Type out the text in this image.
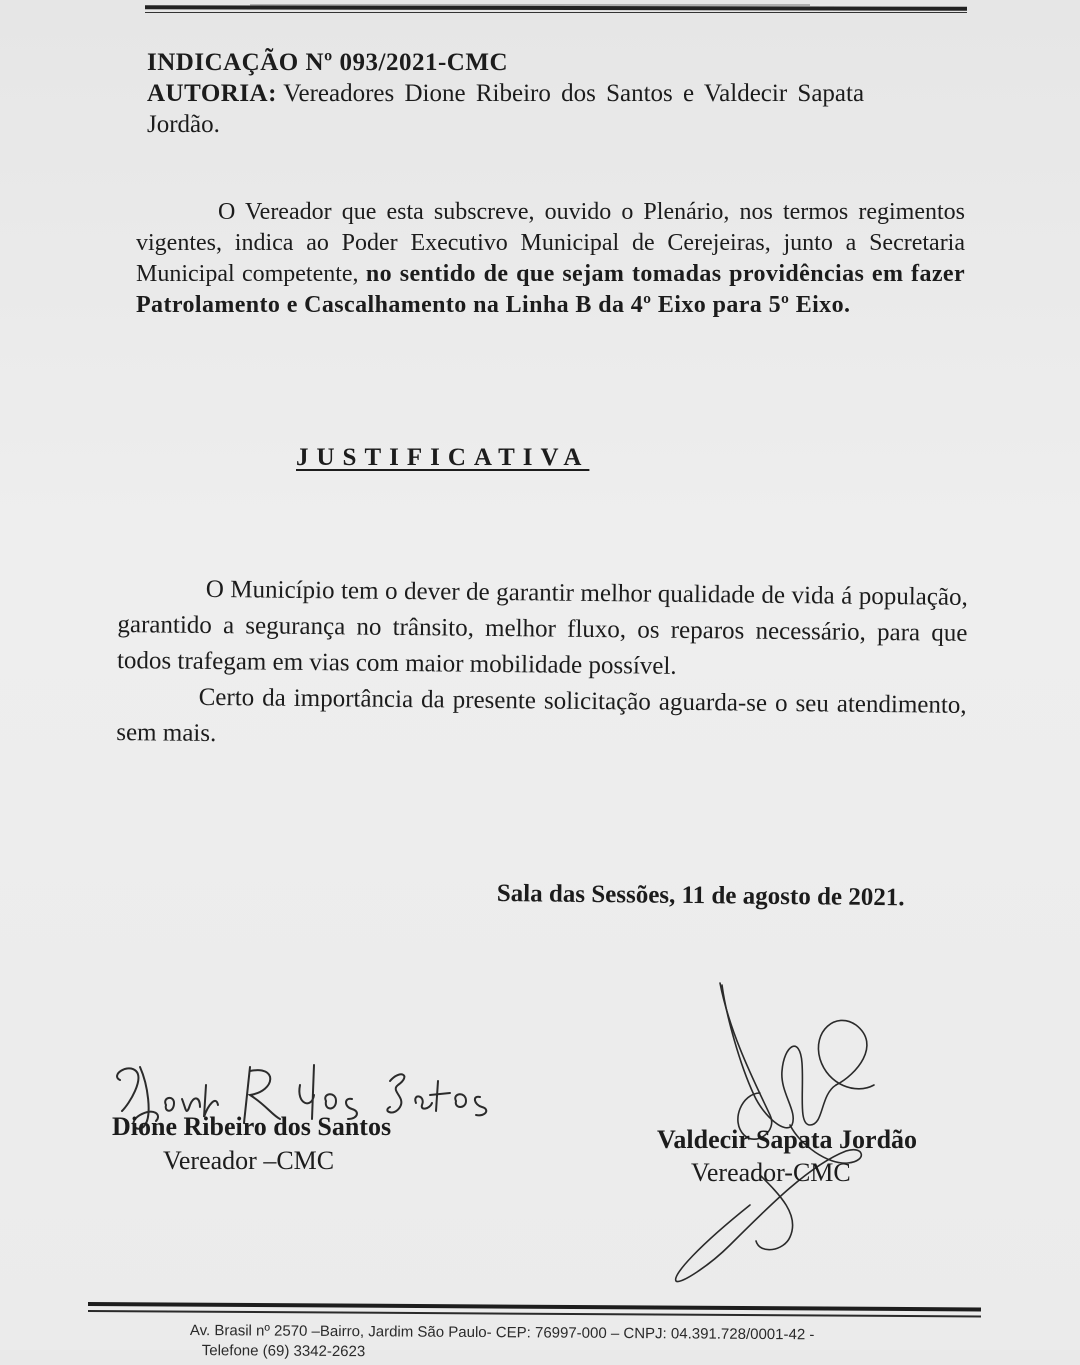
INDICAÇÃO Nº 093/2021-CMC
AUTORIA: Vereadores Dione Ribeiro dos Santos e Valdecir Sapata
Jordão.
O Vereador que esta subscreve, ouvido o Plenário, nos termos regimentos vigentes, indica ao Poder Executivo Municipal de Cerejeiras, junto a Secretaria Municipal competente, no sentido de que sejam tomadas providências em fazer Patrolamento e Cascalhamento na Linha B da 4º Eixo para 5º Eixo.
JUSTIFICATIVA

O Município tem o dever de garantir melhor qualidade de vida á população, garantido a segurança no trânsito, melhor fluxo, os reparos necessário, para que todos trafegam em vias com maior mobilidade possível.

Certo da importância da presente solicitação aguarda-se o seu atendimento, sem mais.

Sala das Sessões, 11 de agosto de 2021.
Dione Ribeiro dos Santos
Vereador –CMC
Valdecir Sapata Jordão
Vereador-CMC
Av. Brasil nº 2570 –Bairro, Jardim São Paulo- CEP: 76997-000 – CNPJ: 04.391.728/0001-42 -
Telefone (69) 3342-2623
